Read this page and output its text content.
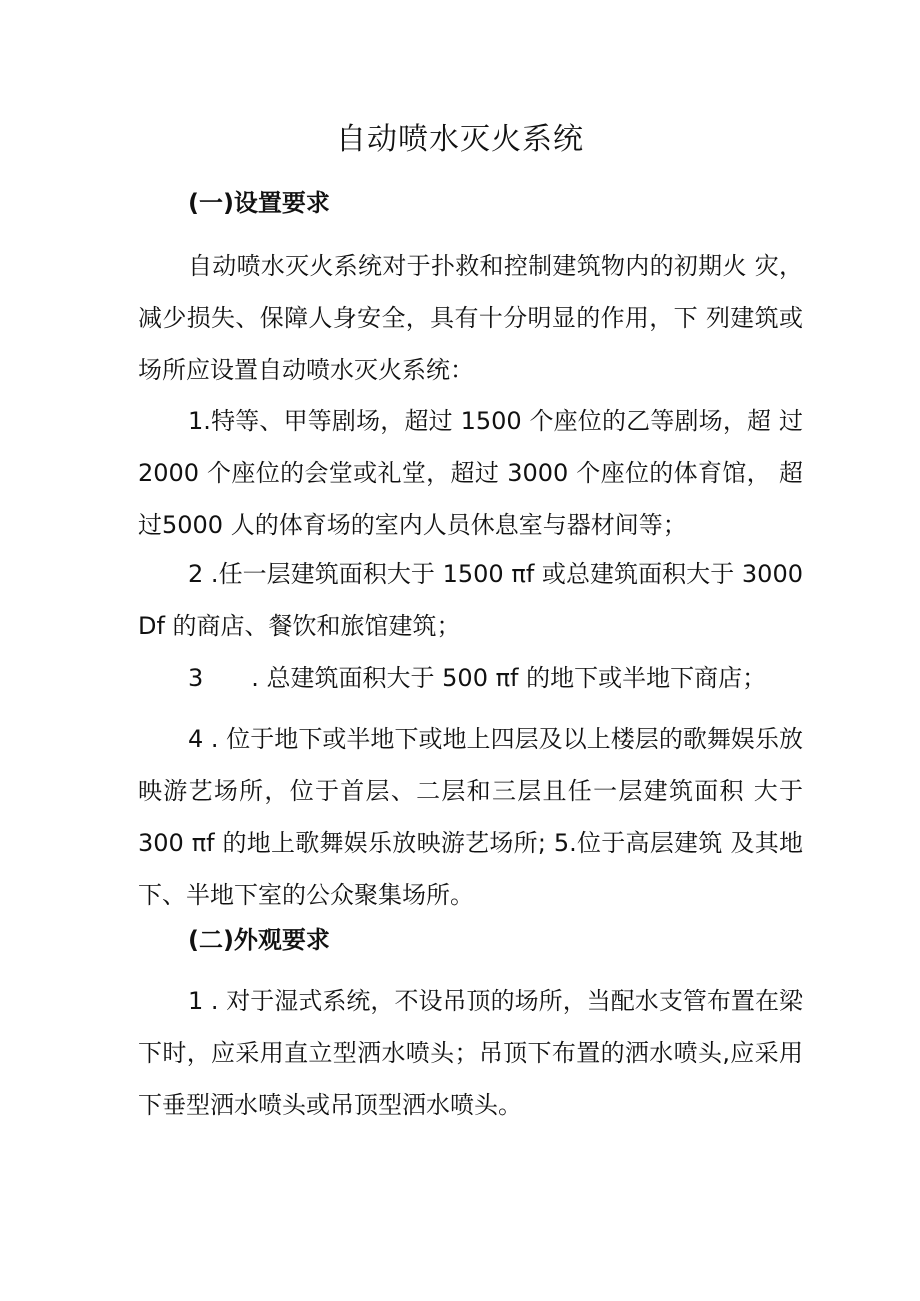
自动喷水灭火系统
(一)设置要求

自动喷水灭火系统对于扑救和控制建筑物内的初期火 灾，减少损失、保障人身安全，具有十分明显的作用，下 列建筑或场所应设置自动喷水灭火系统：

1.特等、甲等剧场，超过 1500 个座位的乙等剧场，超 过2000 个座位的会堂或礼堂，超过 3000 个座位的体育馆， 超过5000 人的体育场的室内人员休息室与器材间等；

2 .任一层建筑面积大于 1500 πf 或总建筑面积大于 3000 Df 的商店、餐饮和旅馆建筑；

3　　. 总建筑面积大于 500 πf 的地下或半地下商店；

4 . 位于地下或半地下或地上四层及以上楼层的歌舞娱乐放映游艺场所，位于首层、二层和三层且任一层建筑面积 大于 300 πf 的地上歌舞娱乐放映游艺场所; 5.位于高层建筑 及其地下、半地下室的公众聚集场所。

(二)外观要求

1 . 对于湿式系统，不设吊顶的场所，当配水支管布置在梁下时，应采用直立型洒水喷头；吊顶下布置的洒水喷头,应采用下垂型洒水喷头或吊顶型洒水喷头。
